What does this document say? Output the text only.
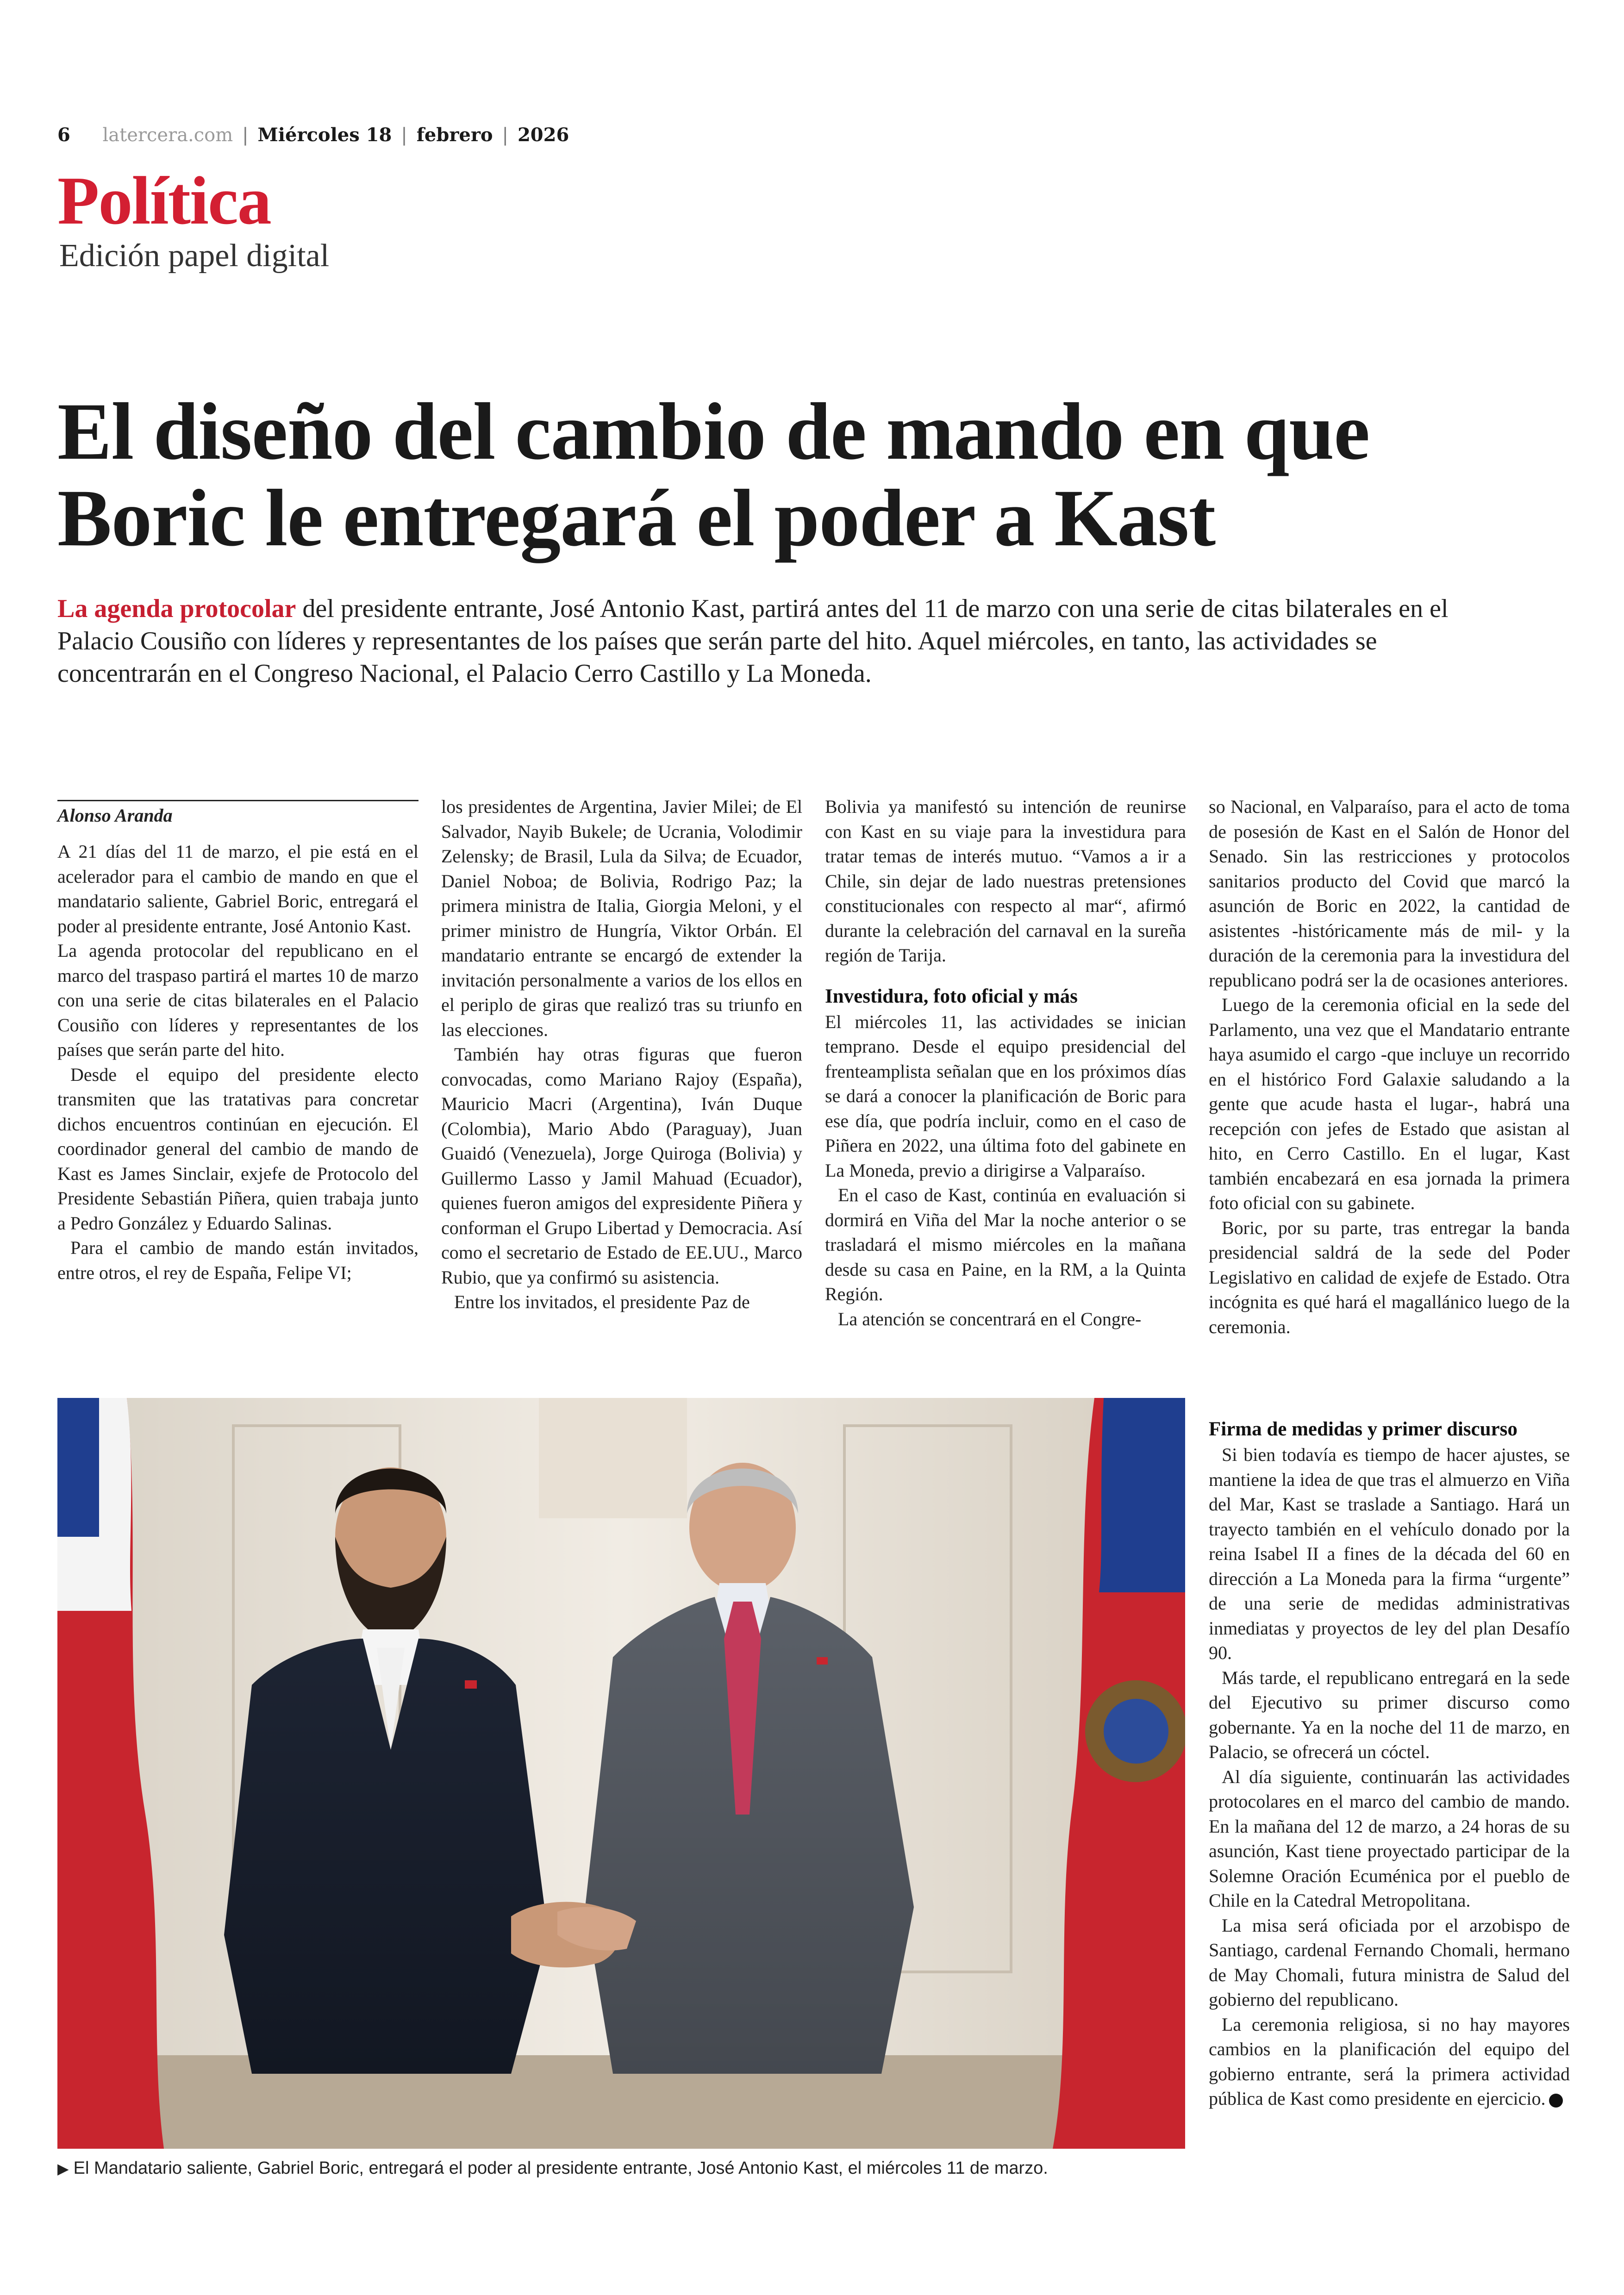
6 latercera.com | Miércoles 18 | febrero | 2026
Política
Edición papel digital
El diseño del cambio de mando en que Boric le entregará el poder a Kast
La agenda protocolar del presidente entrante, José Antonio Kast, partirá antes del 11 de marzo con una serie de citas bilaterales en el Palacio Cousiño con líderes y representantes de los países que serán parte del hito. Aquel miércoles, en tanto, las actividades se concentrarán en el Congreso Nacional, el Palacio Cerro Castillo y La Moneda.
Alonso Aranda

A 21 días del 11 de marzo, el pie está en el acelerador para el cambio de mando en que el mandatario saliente, Gabriel Boric, entregará el poder al presidente entrante, José Antonio Kast.

La agenda protocolar del republicano en el marco del traspaso partirá el martes 10 de marzo con una serie de citas bilaterales en el Palacio Cousiño con líderes y representantes de los países que serán parte del hito.

Desde el equipo del presidente electo transmiten que las tratativas para concretar dichos encuentros continúan en ejecución. El coordinador general del cambio de mando de Kast es James Sinclair, exjefe de Protocolo del Presidente Sebastián Piñera, quien trabaja junto a Pedro González y Eduardo Salinas.

Para el cambio de mando están invitados, entre otros, el rey de España, Felipe VI;

los presidentes de Argentina, Javier Milei; de El Salvador, Nayib Bukele; de Ucrania, Volodimir Zelensky; de Brasil, Lula da Silva; de Ecuador, Daniel Noboa; de Bolivia, Rodrigo Paz; la primera ministra de Italia, Giorgia Meloni, y el primer ministro de Hungría, Viktor Orbán. El mandatario entrante se encargó de extender la invitación personalmente a varios de los ellos en el periplo de giras que realizó tras su triunfo en las elecciones.

También hay otras figuras que fueron convocadas, como Mariano Rajoy (España), Mauricio Macri (Argentina), Iván Duque (Colombia), Mario Abdo (Paraguay), Juan Guaidó (Venezuela), Jorge Quiroga (Bolivia) y Guillermo Lasso y Jamil Mahuad (Ecuador), quienes fueron amigos del expresidente Piñera y conforman el Grupo Libertad y Democracia. Así como el secretario de Estado de EE.UU., Marco Rubio, que ya confirmó su asistencia.

Entre los invitados, el presidente Paz de

Bolivia ya manifestó su intención de reunirse con Kast en su viaje para la investidura para tratar temas de interés mutuo. “Vamos a ir a Chile, sin dejar de lado nuestras pretensiones constitucionales con respecto al mar“, afirmó durante la celebración del carnaval en la sureña región de Tarija.

Investidura, foto oficial y más

El miércoles 11, las actividades se inician temprano. Desde el equipo presidencial del frenteamplista señalan que en los próximos días se dará a conocer la planificación de Boric para ese día, que podría incluir, como en el caso de Piñera en 2022, una última foto del gabinete en La Moneda, previo a dirigirse a Valparaíso.

En el caso de Kast, continúa en evaluación si dormirá en Viña del Mar la noche anterior o se trasladará el mismo miércoles en la mañana desde su casa en Paine, en la RM, a la Quinta Región.

La atención se concentrará en el Congre-

so Nacional, en Valparaíso, para el acto de toma de posesión de Kast en el Salón de Honor del Senado. Sin las restricciones y protocolos sanitarios producto del Covid que marcó la asunción de Boric en 2022, la cantidad de asistentes -históricamente más de mil- y la duración de la ceremonia para la investidura del republicano podrá ser la de ocasiones anteriores.

Luego de la ceremonia oficial en la sede del Parlamento, una vez que el Mandatario entrante haya asumido el cargo -que incluye un recorrido en el histórico Ford Galaxie saludando a la gente que acude hasta el lugar-, habrá una recepción con jefes de Estado que asistan al hito, en Cerro Castillo. En el lugar, Kast también encabezará en esa jornada la primera foto oficial con su gabinete.

Boric, por su parte, tras entregar la banda presidencial saldrá de la sede del Poder Legislativo en calidad de exjefe de Estado. Otra incógnita es qué hará el magallánico luego de la ceremonia.

Firma de medidas y primer discurso

Si bien todavía es tiempo de hacer ajustes, se mantiene la idea de que tras el almuerzo en Viña del Mar, Kast se traslade a Santiago. Hará un trayecto también en el vehículo donado por la reina Isabel II a fines de la década del 60 en dirección a La Moneda para la firma “urgente” de una serie de medidas administrativas inmediatas y proyectos de ley del plan Desafío 90.

Más tarde, el republicano entregará en la sede del Ejecutivo su primer discurso como gobernante. Ya en la noche del 11 de marzo, en Palacio, se ofrecerá un cóctel.

Al día siguiente, continuarán las actividades protocolares en el marco del cambio de mando. En la mañana del 12 de marzo, a 24 horas de su asunción, Kast tiene proyectado participar de la Solemne Oración Ecuménica por el pueblo de Chile en la Catedral Metropolitana.

La misa será oficiada por el arzobispo de Santiago, cardenal Fernando Chomali, hermano de May Chomali, futura ministra de Salud del gobierno del republicano.

La ceremonia religiosa, si no hay mayores cambios en la planificación del equipo del gobierno entrante, será la primera actividad pública de Kast como presidente en ejercicio.

▶ El Mandatario saliente, Gabriel Boric, entregará el poder al presidente entrante, José Antonio Kast, el miércoles 11 de marzo.
